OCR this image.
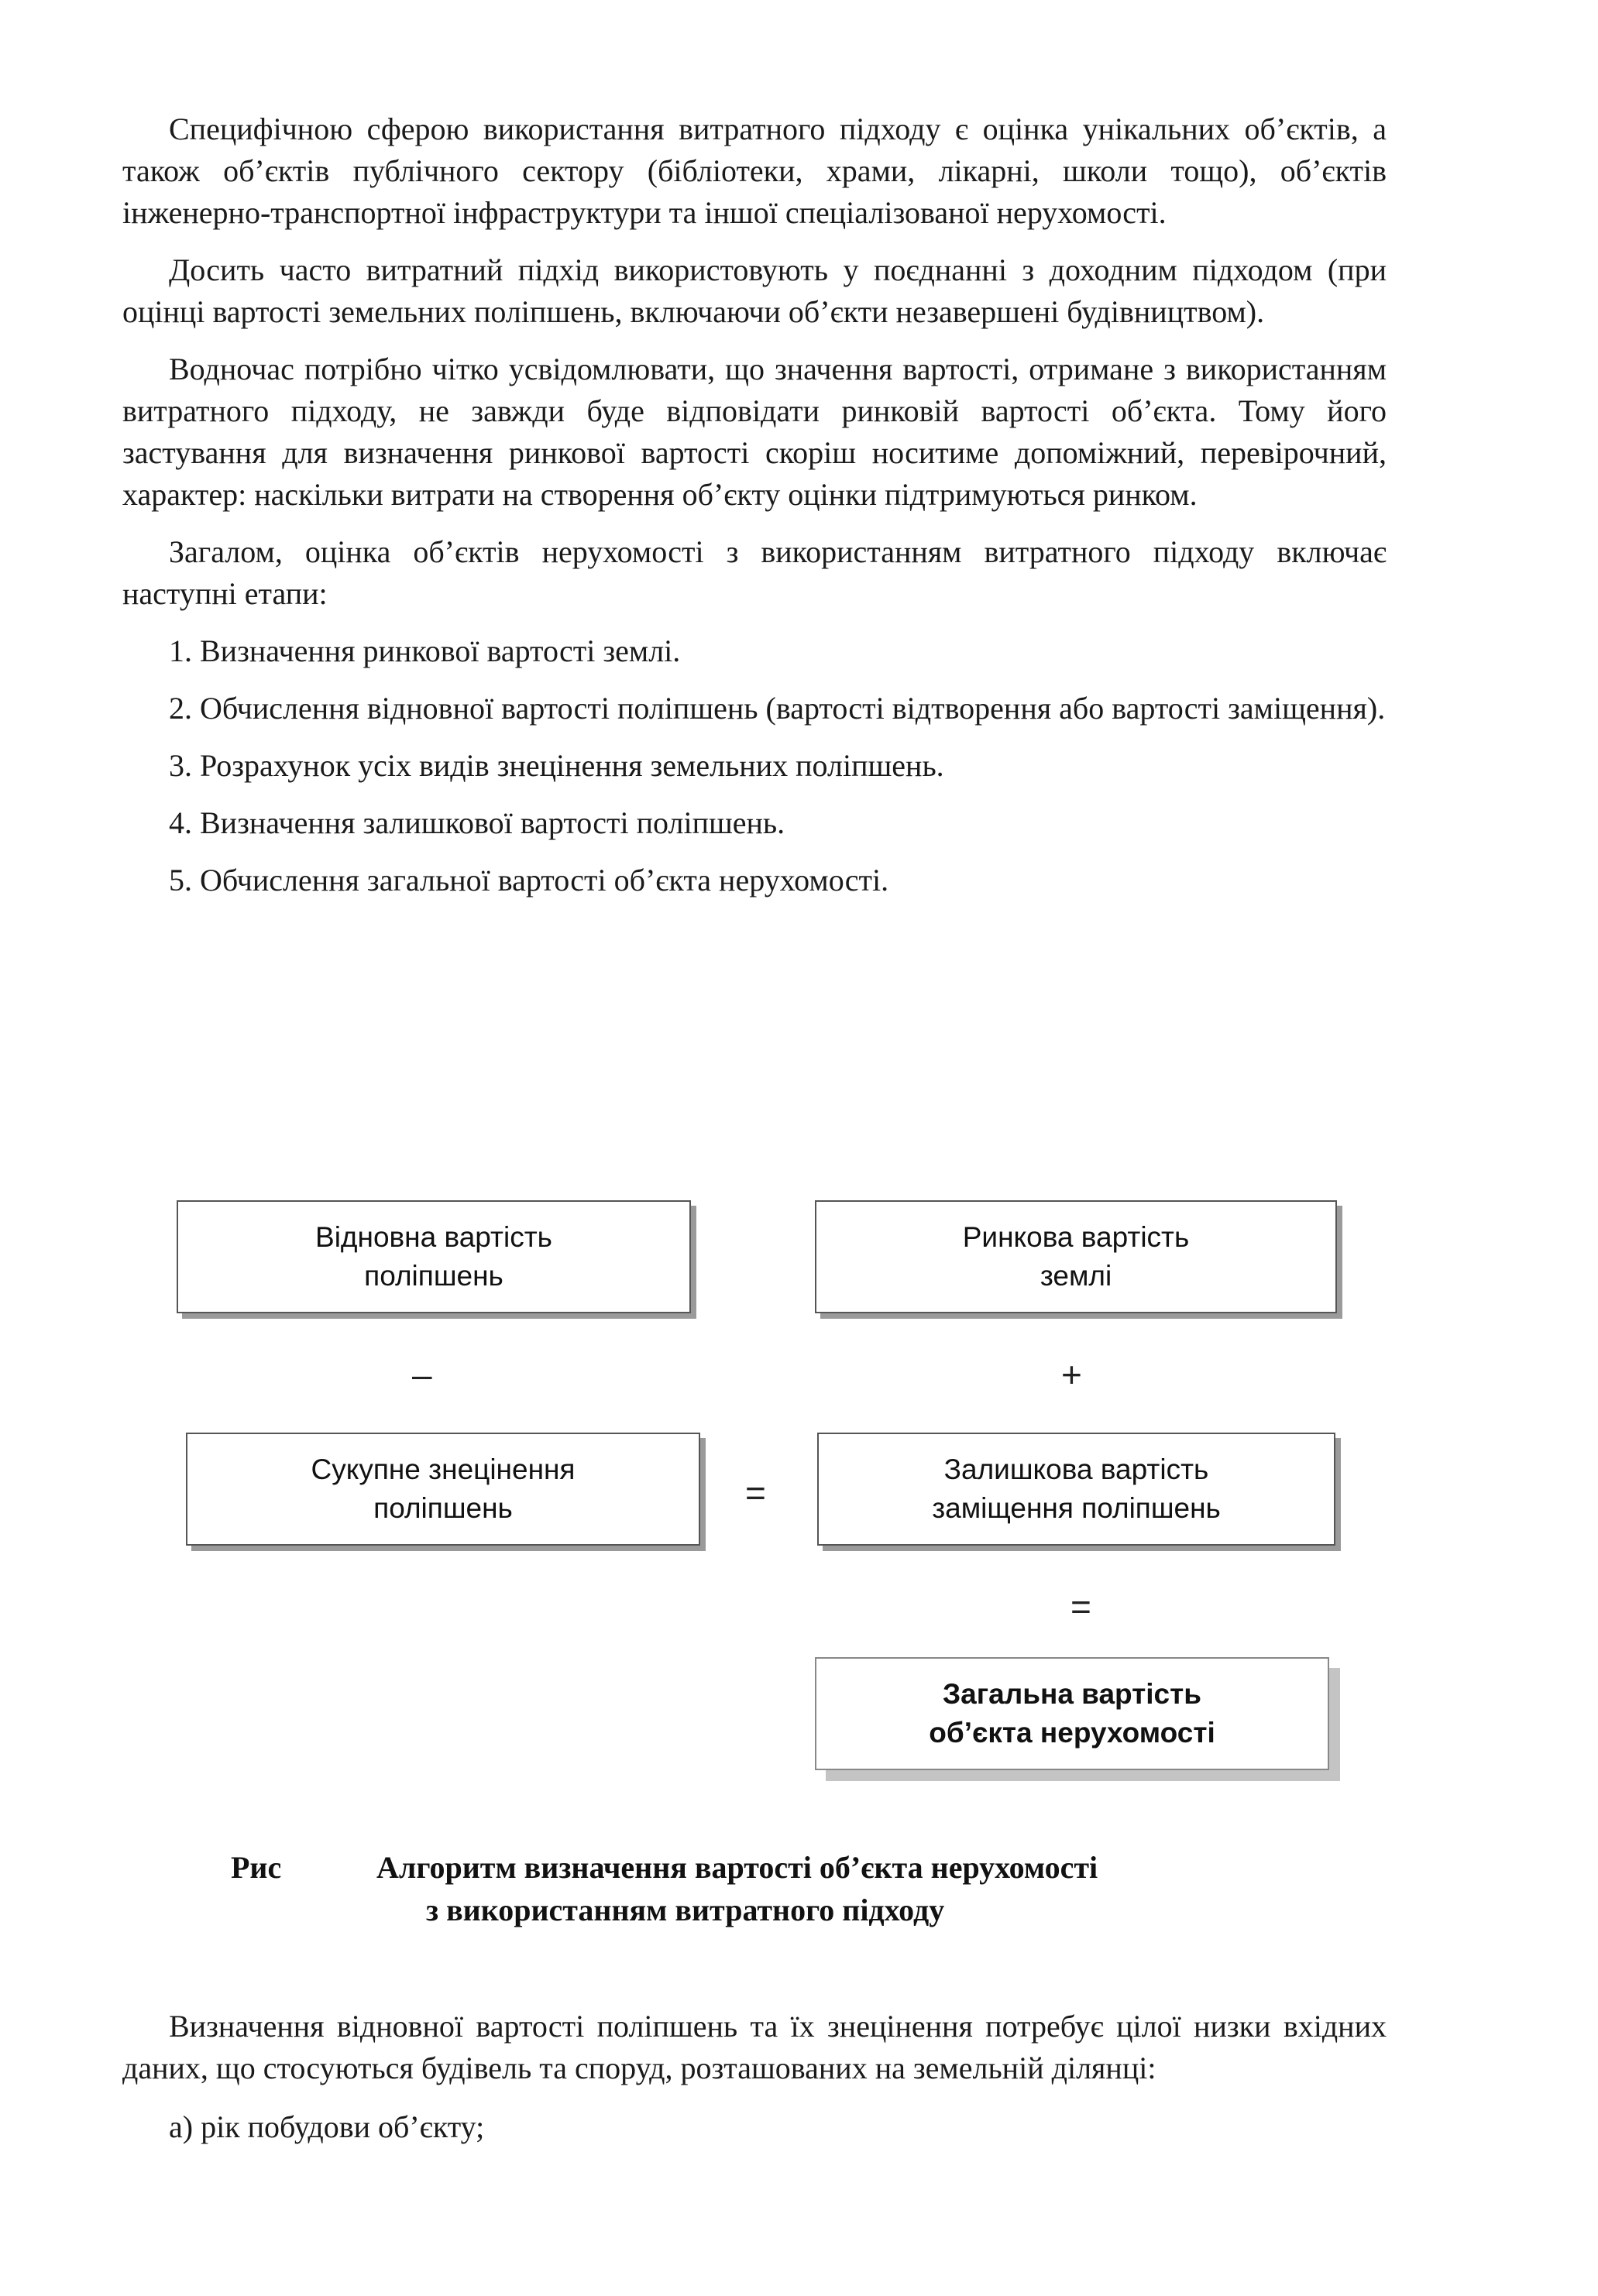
Специфічною сферою використання витратного підходу є оцінка унікальних об’єктів, а також об’єктів публічного сектору (бібліотеки, храми, лікарні, школи тощо), об’єктів інженерно-транспортної інфраструктури та іншої спеціалізованої нерухомості.

Досить часто витратний підхід використовують у поєднанні з доходним підходом (при оцінці вартості земельних поліпшень, включаючи об’єкти незавершені будівництвом).

Водночас потрібно чітко усвідомлювати, що значення вартості, отримане з використанням витратного підходу, не завжди буде відповідати ринковій вартості об’єкта. Тому його застування для визначення ринкової вартості скоріш носитиме допоміжний, перевірочний, характер: наскільки витрати на створення об’єкту оцінки підтримуються ринком.

Загалом, оцінка об’єктів нерухомості з використанням витратного підходу включає наступні етапи:

1. Визначення ринкової вартості землі.

2. Обчислення відновної вартості поліпшень (вартості відтворення або вартості заміщення).

3. Розрахунок усіх видів знецінення земельних поліпшень.

4. Визначення залишкової вартості поліпшень.

5. Обчислення загальної вартості об’єкта нерухомості.

Відновна вартість
поліпшень
Ринкова вартість
землі
–	+
Сукупне знецінення
поліпшень	=
Залишкова вартість
заміщення поліпшень
=
Загальна вартість
об’єкта нерухомості
Рис	Алгоритм визначення вартості об’єкта нерухомості
з використанням витратного підходу

Визначення відновної вартості поліпшень та їх знецінення потребує цілої низки вхідних даних, що стосуються будівель та споруд, розташованих на земельній ділянці:

а) рік побудови об’єкту;
